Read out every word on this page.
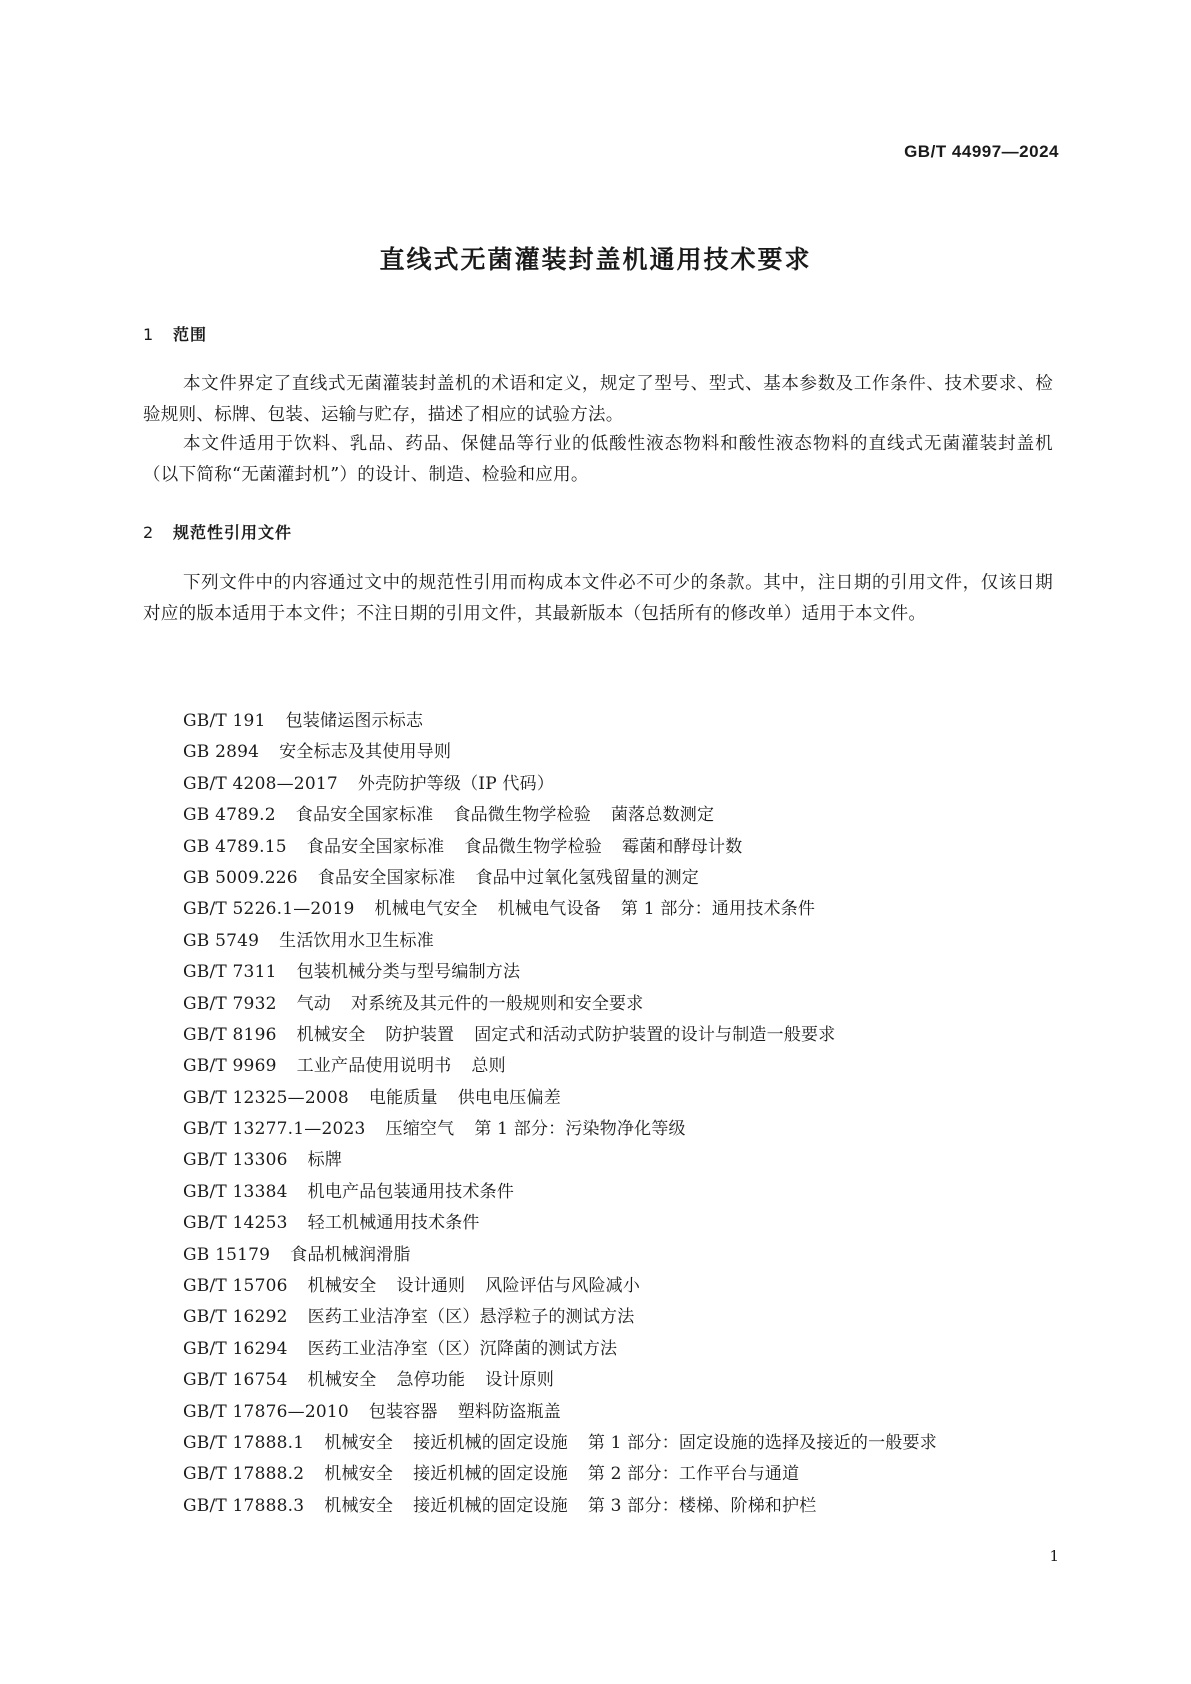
GB/T 44997—2024
直线式无菌灌装封盖机通用技术要求
1 范围

本文件界定了直线式无菌灌装封盖机的术语和定义，规定了型号、型式、基本参数及工作条件、技术要求、检验规则、标牌、包装、运输与贮存，描述了相应的试验方法。

本文件适用于饮料、乳品、药品、保健品等行业的低酸性液态物料和酸性液态物料的直线式无菌灌装封盖机（以下简称“无菌灌封机”）的设计、制造、检验和应用。

2 规范性引用文件

下列文件中的内容通过文中的规范性引用而构成本文件必不可少的条款。其中，注日期的引用文件，仅该日期对应的版本适用于本文件；不注日期的引用文件，其最新版本（包括所有的修改单）适用于本文件。

GB/T 191 包装储运图示标志
GB 2894 安全标志及其使用导则
GB/T 4208—2017 外壳防护等级（IP 代码）
GB 4789.2 食品安全国家标准 食品微生物学检验 菌落总数测定
GB 4789.15 食品安全国家标准 食品微生物学检验 霉菌和酵母计数
GB 5009.226 食品安全国家标准 食品中过氧化氢残留量的测定
GB/T 5226.1—2019 机械电气安全 机械电气设备 第 1 部分：通用技术条件
GB 5749 生活饮用水卫生标准
GB/T 7311 包装机械分类与型号编制方法
GB/T 7932 气动 对系统及其元件的一般规则和安全要求
GB/T 8196 机械安全 防护装置 固定式和活动式防护装置的设计与制造一般要求
GB/T 9969 工业产品使用说明书 总则
GB/T 12325—2008 电能质量 供电电压偏差
GB/T 13277.1—2023 压缩空气 第 1 部分：污染物净化等级
GB/T 13306 标牌
GB/T 13384 机电产品包装通用技术条件
GB/T 14253 轻工机械通用技术条件
GB 15179 食品机械润滑脂
GB/T 15706 机械安全 设计通则 风险评估与风险减小
GB/T 16292 医药工业洁净室（区）悬浮粒子的测试方法
GB/T 16294 医药工业洁净室（区）沉降菌的测试方法
GB/T 16754 机械安全 急停功能 设计原则
GB/T 17876—2010 包装容器 塑料防盗瓶盖
GB/T 17888.1 机械安全 接近机械的固定设施 第 1 部分：固定设施的选择及接近的一般要求
GB/T 17888.2 机械安全 接近机械的固定设施 第 2 部分：工作平台与通道
GB/T 17888.3 机械安全 接近机械的固定设施 第 3 部分：楼梯、阶梯和护栏
1
